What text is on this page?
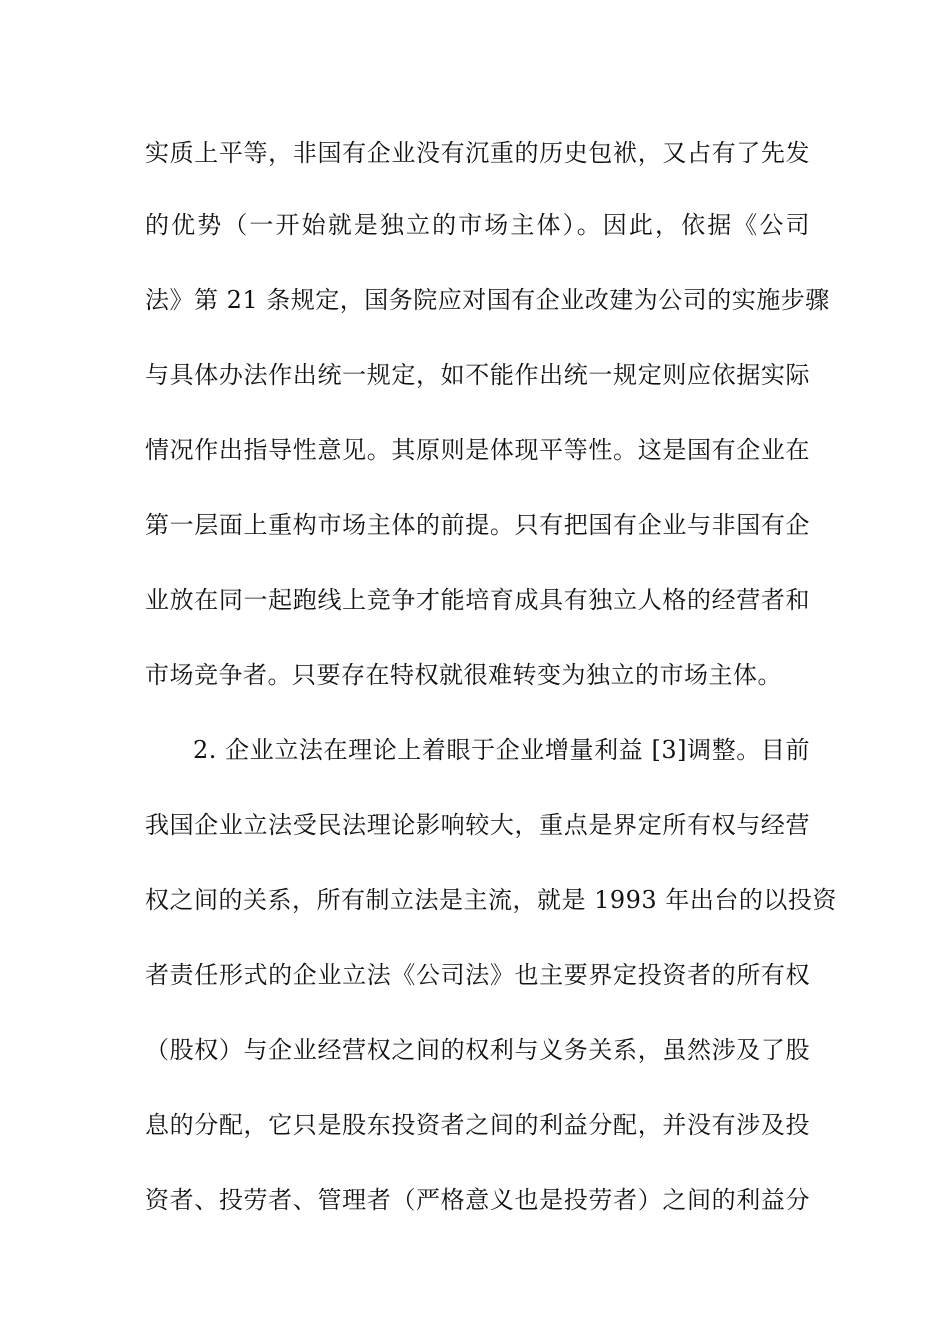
实质上平等，非国有企业没有沉重的历史包袱，又占有了先发
的优势（一开始就是独立的市场主体）。因此，依据《公司
法》第 21 条规定，国务院应对国有企业改建为公司的实施步骤
与具体办法作出统一规定，如不能作出统一规定则应依据实际
情况作出指导性意见。其原则是体现平等性。这是国有企业在
第一层面上重构市场主体的前提。只有把国有企业与非国有企
业放在同一起跑线上竞争才能培育成具有独立人格的经营者和
市场竞争者。只要存在特权就很难转变为独立的市场主体。
2. 企业立法在理论上着眼于企业增量利益 [3]调整。目前
我国企业立法受民法理论影响较大，重点是界定所有权与经营
权之间的关系，所有制立法是主流，就是 1993 年出台的以投资
者责任形式的企业立法《公司法》也主要界定投资者的所有权
（股权）与企业经营权之间的权利与义务关系，虽然涉及了股
息的分配，它只是股东投资者之间的利益分配，并没有涉及投
资者、投劳者、管理者（严格意义也是投劳者）之间的利益分
